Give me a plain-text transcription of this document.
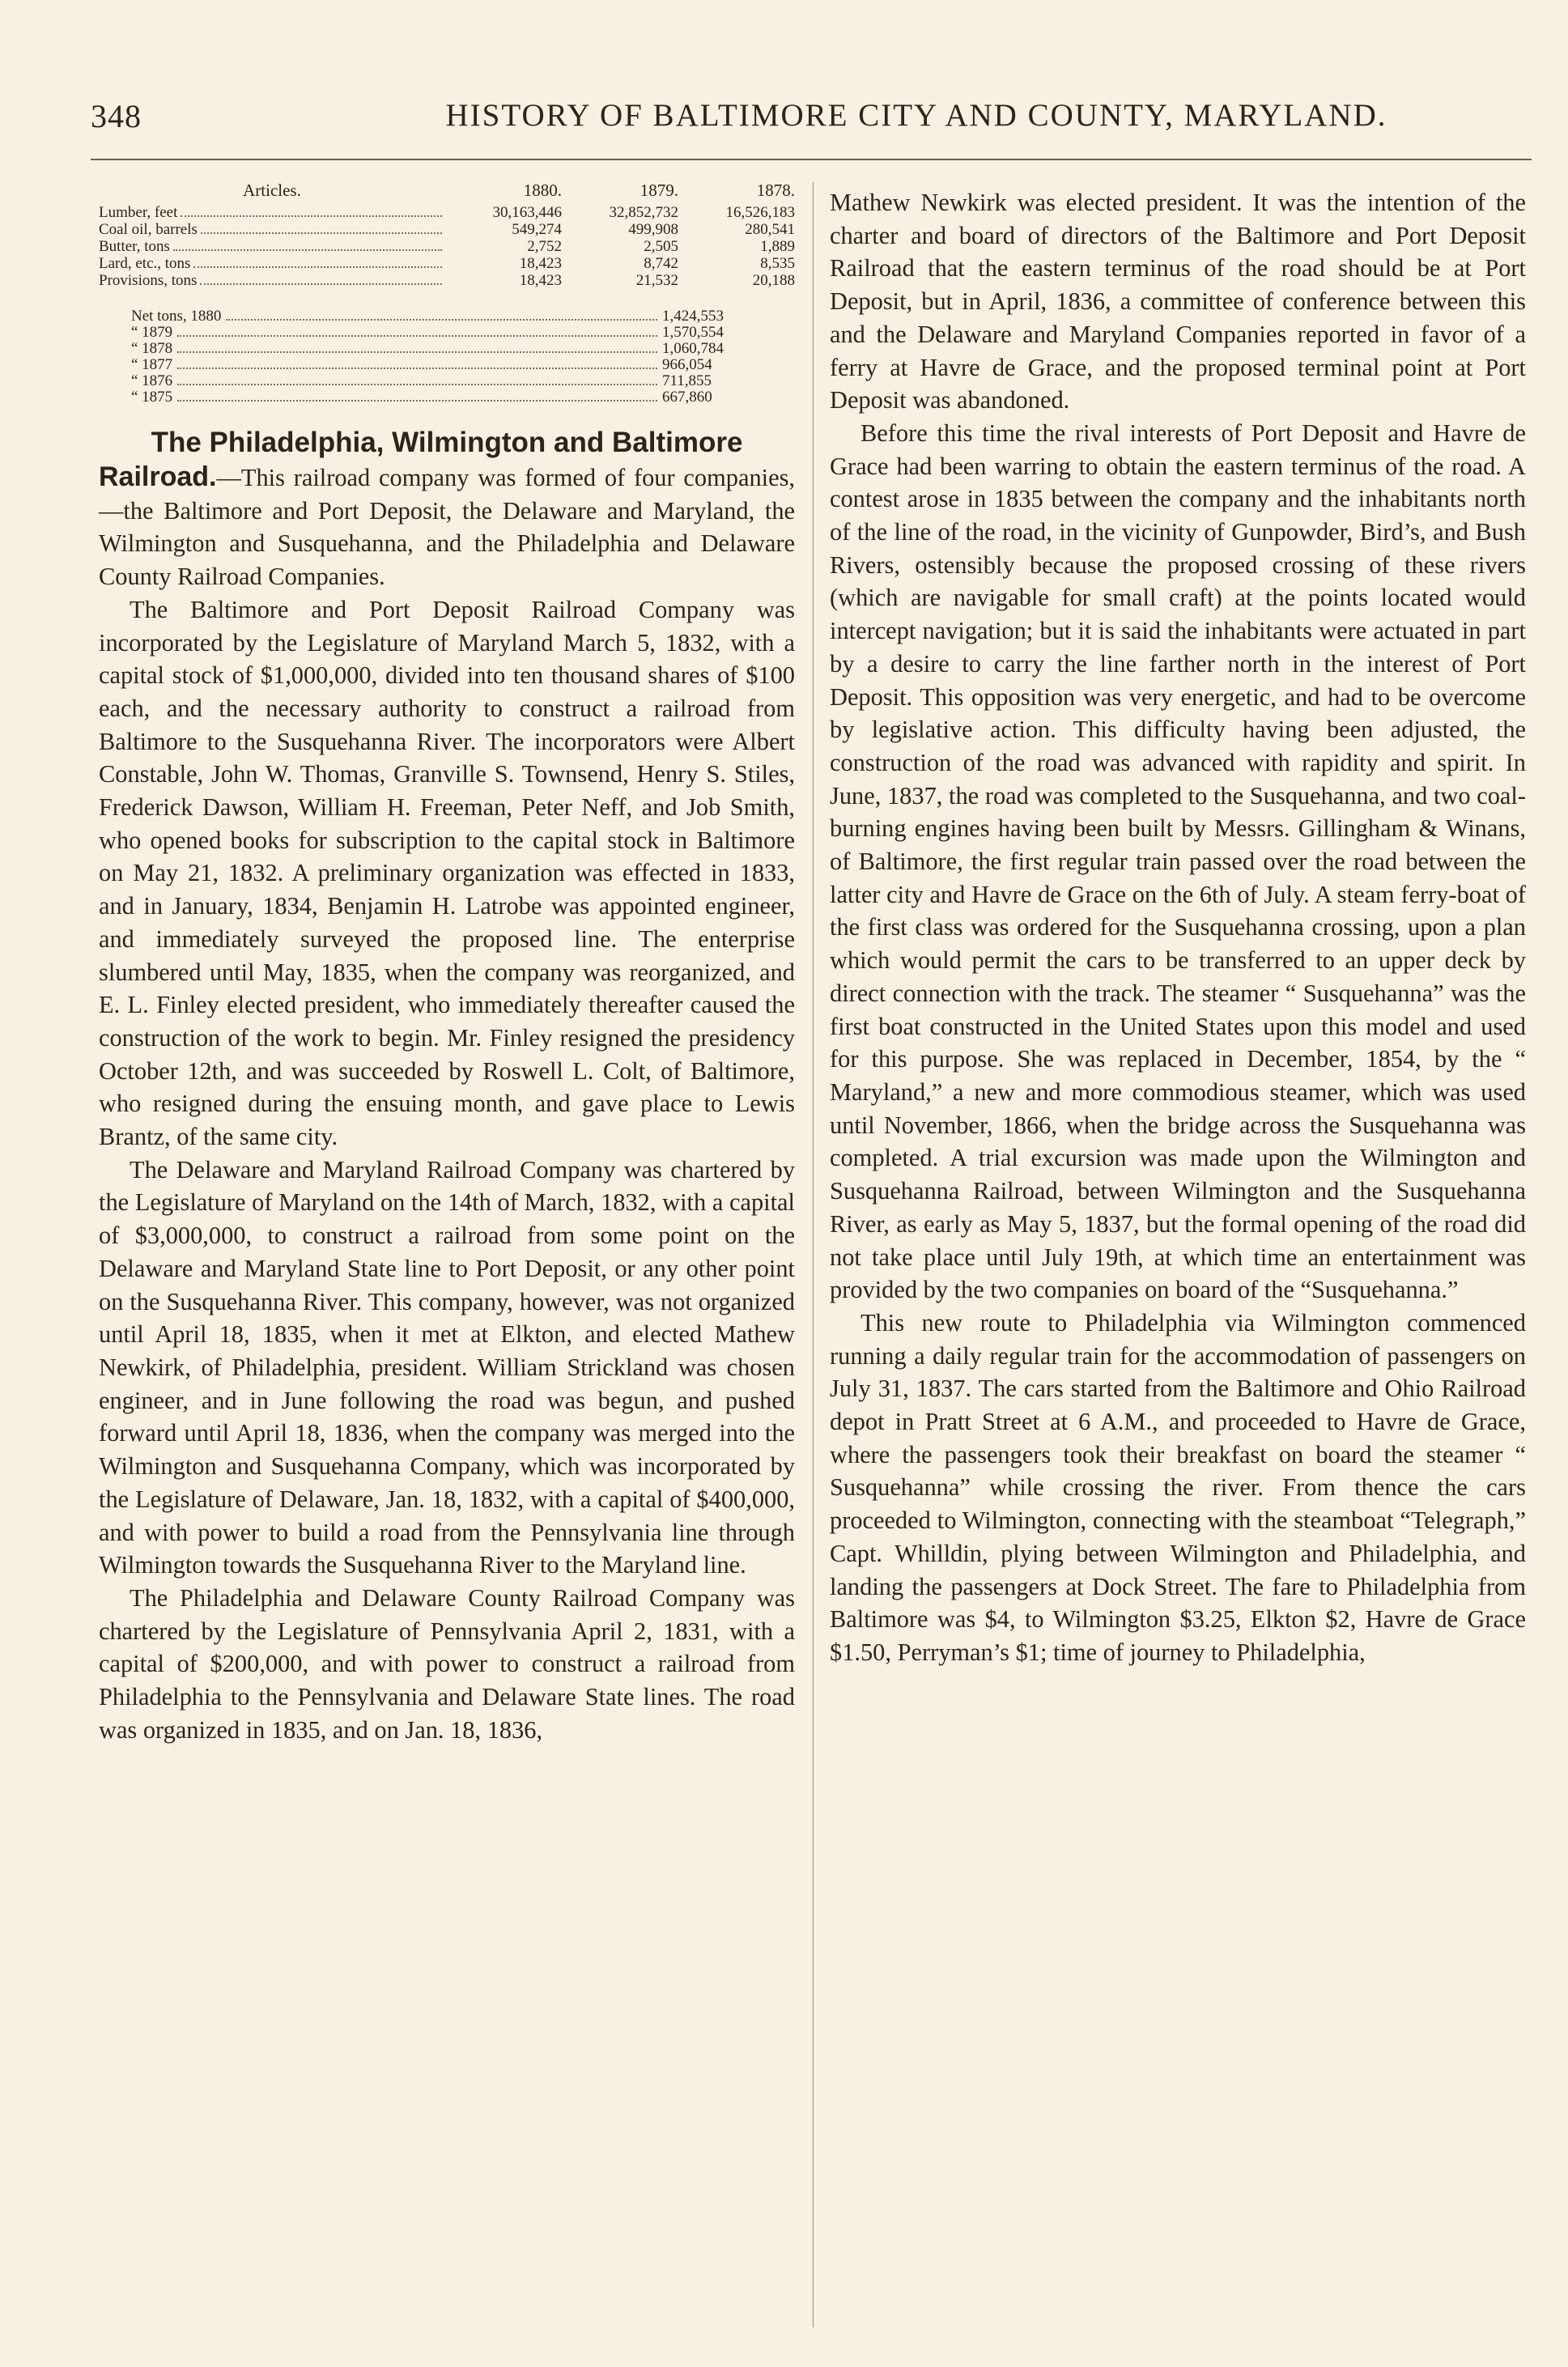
348	HISTORY OF BALTIMORE CITY AND COUNTY, MARYLAND.
Articles.	1880.	1879.	1878.
Lumber, feet	30,163,446	32,852,732	16,526,183
Coal oil, barrels	549,274	499,908	280,541
Butter, tons	2,752	2,505	1,889
Lard, etc., tons	18,423	8,742	8,535
Provisions, tons	18,423	21,532	20,188
Net tons, 1880	1,424,553
“ 1879	1,570,554
“ 1878	1,060,784
“ 1877	966,054
“ 1876	711,855
“ 1875	667,860
The Philadelphia, Wilmington and Baltimore

Railroad.—This railroad company was formed of four companies,—the Baltimore and Port Deposit, the Delaware and Maryland, the Wilmington and Susquehanna, and the Philadelphia and Delaware County Railroad Companies.

The Baltimore and Port Deposit Railroad Company was incorporated by the Legislature of Maryland March 5, 1832, with a capital stock of $1,000,000, divided into ten thousand shares of $100 each, and the necessary authority to construct a railroad from Baltimore to the Susquehanna River. The incorporators were Albert Constable, John W. Thomas, Granville S. Townsend, Henry S. Stiles, Frederick Dawson, William H. Freeman, Peter Neff, and Job Smith, who opened books for subscription to the capital stock in Baltimore on May 21, 1832. A preliminary organization was effected in 1833, and in January, 1834, Benjamin H. Latrobe was appointed engineer, and immediately surveyed the proposed line. The enterprise slumbered until May, 1835, when the company was reorganized, and E. L. Finley elected president, who immediately thereafter caused the construction of the work to begin. Mr. Finley resigned the presidency October 12th, and was succeeded by Roswell L. Colt, of Baltimore, who resigned during the ensuing month, and gave place to Lewis Brantz, of the same city.

The Delaware and Maryland Railroad Company was chartered by the Legislature of Maryland on the 14th of March, 1832, with a capital of $3,000,000, to construct a railroad from some point on the Delaware and Maryland State line to Port Deposit, or any other point on the Susquehanna River. This company, however, was not organized until April 18, 1835, when it met at Elkton, and elected Mathew Newkirk, of Philadelphia, president. William Strickland was chosen engineer, and in June following the road was begun, and pushed forward until April 18, 1836, when the company was merged into the Wilmington and Susquehanna Company, which was incorporated by the Legislature of Delaware, Jan. 18, 1832, with a capital of $400,000, and with power to build a road from the Pennsylvania line through Wilmington towards the Susquehanna River to the Maryland line.

The Philadelphia and Delaware County Railroad Company was chartered by the Legislature of Pennsylvania April 2, 1831, with a capital of $200,000, and with power to construct a railroad from Philadelphia to the Pennsylvania and Delaware State lines. The road was organized in 1835, and on Jan. 18, 1836,

Mathew Newkirk was elected president. It was the intention of the charter and board of directors of the Baltimore and Port Deposit Railroad that the eastern terminus of the road should be at Port Deposit, but in April, 1836, a committee of conference between this and the Delaware and Maryland Companies reported in favor of a ferry at Havre de Grace, and the proposed terminal point at Port Deposit was abandoned.

Before this time the rival interests of Port Deposit and Havre de Grace had been warring to obtain the eastern terminus of the road. A contest arose in 1835 between the company and the inhabitants north of the line of the road, in the vicinity of Gunpowder, Bird’s, and Bush Rivers, ostensibly because the proposed crossing of these rivers (which are navigable for small craft) at the points located would intercept navigation; but it is said the inhabitants were actuated in part by a desire to carry the line farther north in the interest of Port Deposit. This opposition was very energetic, and had to be overcome by legislative action. This difficulty having been adjusted, the construction of the road was advanced with rapidity and spirit. In June, 1837, the road was completed to the Susquehanna, and two coal-burning engines having been built by Messrs. Gillingham & Winans, of Baltimore, the first regular train passed over the road between the latter city and Havre de Grace on the 6th of July. A steam ferry-boat of the first class was ordered for the Susquehanna crossing, upon a plan which would permit the cars to be transferred to an upper deck by direct connection with the track. The steamer “ Susquehanna” was the first boat constructed in the United States upon this model and used for this purpose. She was replaced in December, 1854, by the “ Maryland,” a new and more commodious steamer, which was used until November, 1866, when the bridge across the Susquehanna was completed. A trial excursion was made upon the Wilmington and Susquehanna Railroad, between Wilmington and the Susquehanna River, as early as May 5, 1837, but the formal opening of the road did not take place until July 19th, at which time an entertainment was provided by the two companies on board of the “Susquehanna.”

This new route to Philadelphia via Wilmington commenced running a daily regular train for the accommodation of passengers on July 31, 1837. The cars started from the Baltimore and Ohio Railroad depot in Pratt Street at 6 A.M., and proceeded to Havre de Grace, where the passengers took their breakfast on board the steamer “ Susquehanna” while crossing the river. From thence the cars proceeded to Wilmington, connecting with the steamboat “Telegraph,” Capt. Whilldin, plying between Wilmington and Philadelphia, and landing the passengers at Dock Street. The fare to Philadelphia from Baltimore was $4, to Wilmington $3.25, Elkton $2, Havre de Grace $1.50, Perryman’s $1; time of journey to Philadelphia,
